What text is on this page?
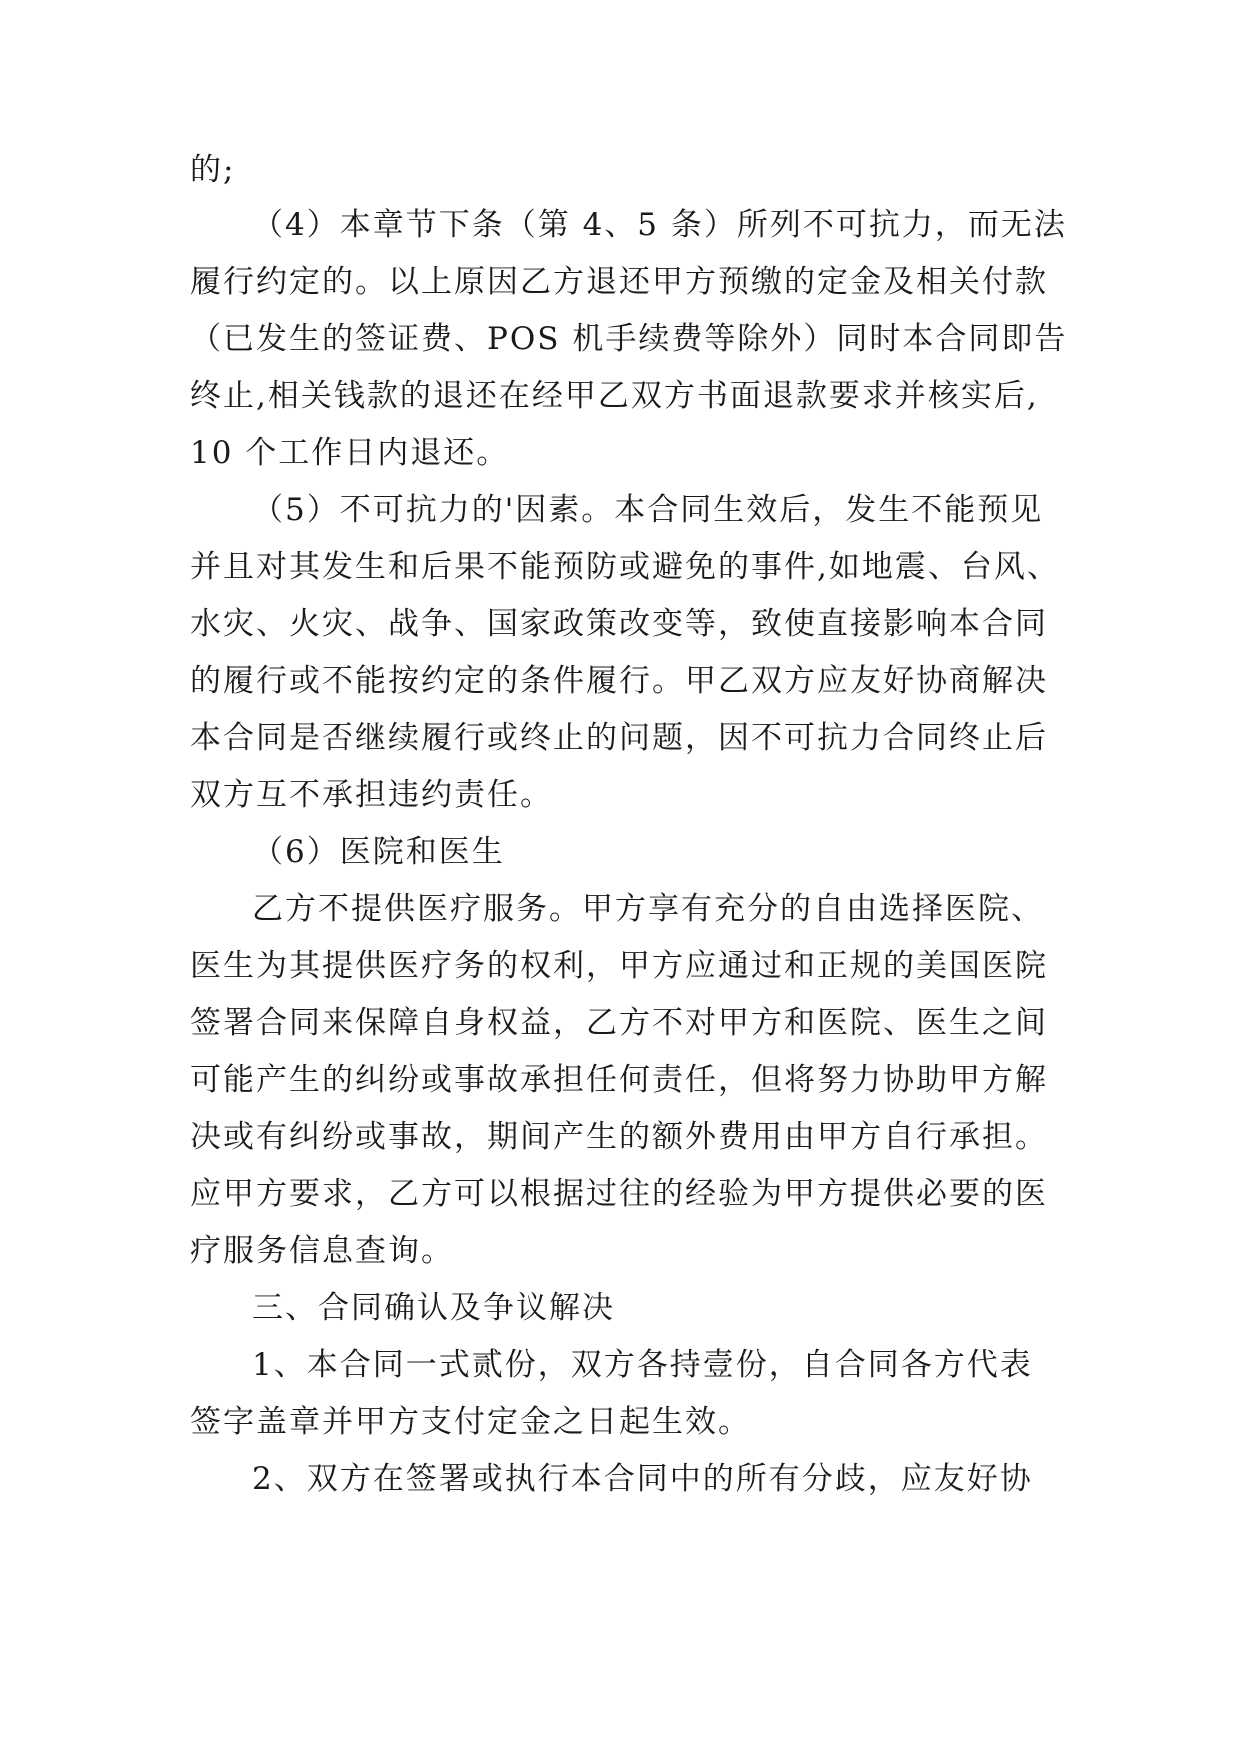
的;
（4）本章节下条（第 4、5 条）所列不可抗力，而无法
履行约定的。以上原因乙方退还甲方预缴的定金及相关付款
（已发生的签证费、POS 机手续费等除外）同时本合同即告
终止,相关钱款的退还在经甲乙双方书面退款要求并核实后,
10 个工作日内退还。
（5）不可抗力的'因素。本合同生效后，发生不能预见
并且对其发生和后果不能预防或避免的事件,如地震、台风、
水灾、火灾、战争、国家政策改变等，致使直接影响本合同
的履行或不能按约定的条件履行。甲乙双方应友好协商解决
本合同是否继续履行或终止的问题，因不可抗力合同终止后
双方互不承担违约责任。
（6）医院和医生
乙方不提供医疗服务。甲方享有充分的自由选择医院、
医生为其提供医疗务的权利，甲方应通过和正规的美国医院
签署合同来保障自身权益，乙方不对甲方和医院、医生之间
可能产生的纠纷或事故承担任何责任，但将努力协助甲方解
决或有纠纷或事故，期间产生的额外费用由甲方自行承担。
应甲方要求，乙方可以根据过往的经验为甲方提供必要的医
疗服务信息查询。
三、合同确认及争议解决
1、本合同一式贰份，双方各持壹份，自合同各方代表
签字盖章并甲方支付定金之日起生效。
2、双方在签署或执行本合同中的所有分歧，应友好协
